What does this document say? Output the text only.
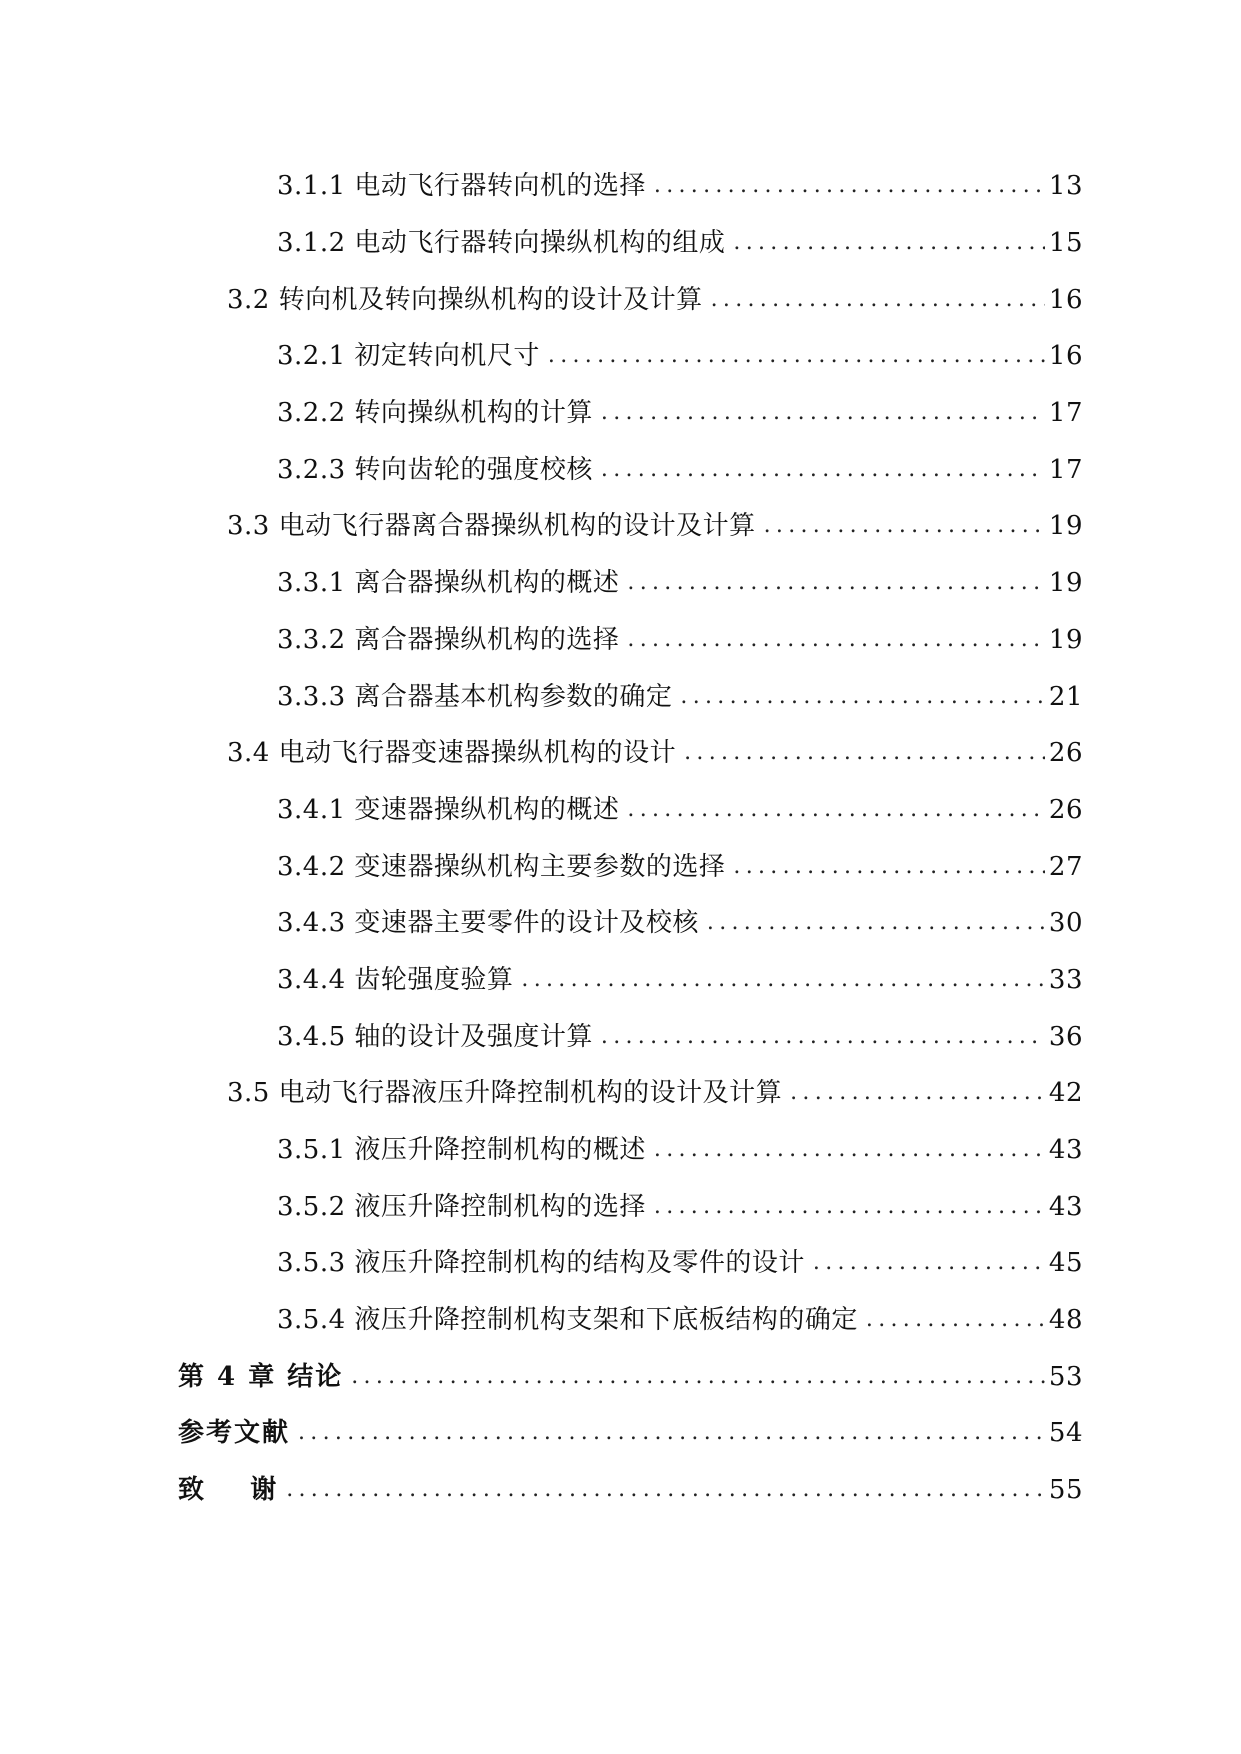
3.1.1 电动飞行器转向机的选择 .....	13
3.1.2 电动飞行器转向操纵机构的组成 .....	15
3.2 转向机及转向操纵机构的设计及计算 .....	16
3.2.1 初定转向机尺寸 .....	16
3.2.2 转向操纵机构的计算 .....	17
3.2.3 转向齿轮的强度校核 .....	17
3.3 电动飞行器离合器操纵机构的设计及计算 .....	19
3.3.1 离合器操纵机构的概述 .....	19
3.3.2 离合器操纵机构的选择 .....	19
3.3.3 离合器基本机构参数的确定 .....	21
3.4 电动飞行器变速器操纵机构的设计 .....	26
3.4.1 变速器操纵机构的概述 .....	26
3.4.2 变速器操纵机构主要参数的选择 .....	27
3.4.3 变速器主要零件的设计及校核 .....	30
3.4.4 齿轮强度验算 .....	33
3.4.5 轴的设计及强度计算 .....	36
3.5 电动飞行器液压升降控制机构的设计及计算 .....	42
3.5.1 液压升降控制机构的概述 .....	43
3.5.2 液压升降控制机构的选择 .....	43
3.5.3 液压升降控制机构的结构及零件的设计 .....	45
3.5.4 液压升降控制机构支架和下底板结构的确定 .....	48
第 4 章 结论 .....	53
参考文献 .....	54
致    谢 .....	55
